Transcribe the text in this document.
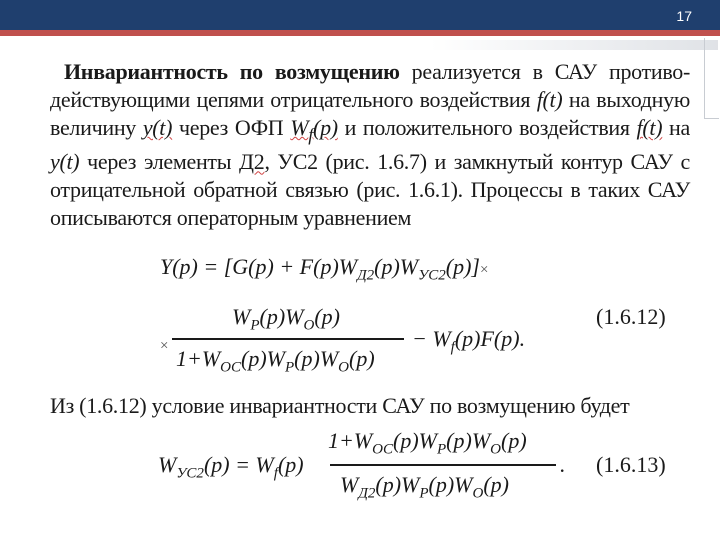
17

Инвариантность по возмущению реализуется в САУ противо-действующими цепями отрицательного воздействия f(t) на выходную величину y(t) через ОФП $W_f(p)$ и положительного воздействия f(t) на y(t) через элементы Д2, УС2 (рис. 1.6.7) и замкнутый контур САУ с отрицательной обратной связью (рис. 1.6.1). Процессы в таких САУ описываются операторным уравнением

$Y(p) = [G(p) + F(p)W_{Д2}(p)W_{УС2}(p)]\times$
×
$W_P(p)W_O(p)$
$1+W_{OC}(p)W_P(p)W_O(p)$
− $W_f(p)F(p)$.
(1.6.12)

Из (1.6.12) условие инвариантности САУ по возмущению будет

$W_{УС2}(p) = W_f(p)$
$1+W_{OC}(p)W_P(p)W_O(p)$
$W_{Д2}(p)W_P(p)W_O(p)$
. (1.6.13)
